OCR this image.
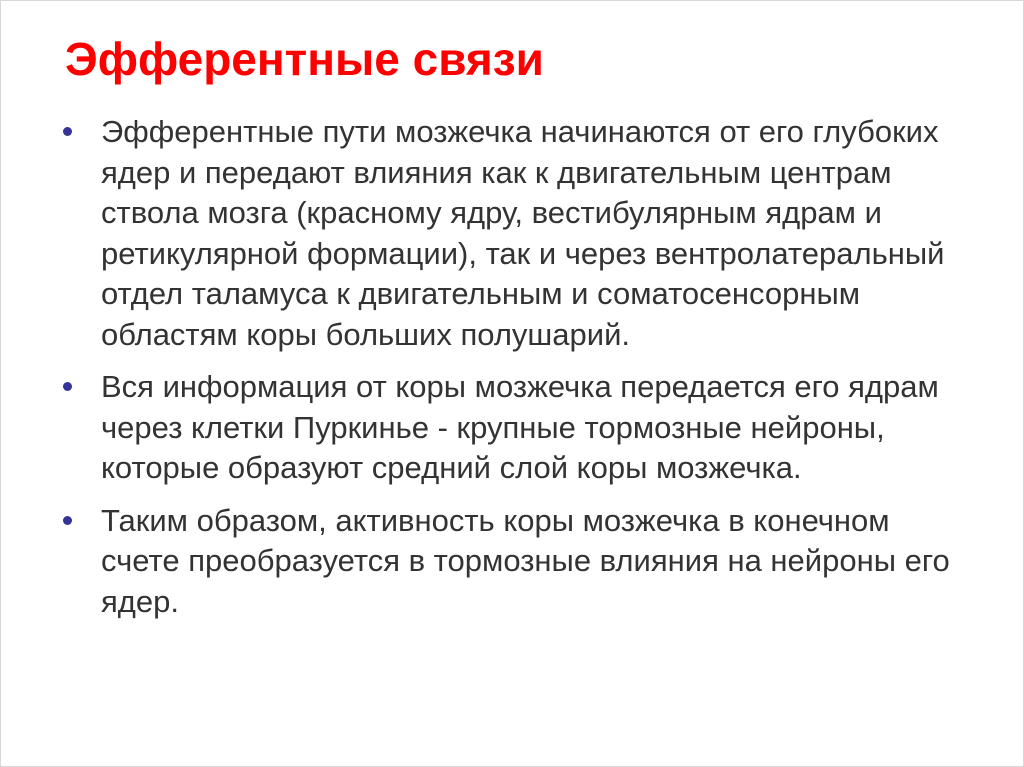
Эфферентные связи
Эфферентные пути мозжечка начинаются от его глубоких ядер и передают влияния как к двигательным центрам ствола мозга (красному ядру, вестибулярным ядрам и ретикулярной формации), так и через вентролатеральный отдел таламуса к двигательным и соматосенсорным областям коры больших полушарий.
Вся информация от коры мозжечка передается его ядрам через клетки Пуркинье - крупные тормозные нейроны, которые образуют средний слой коры мозжечка.
Таким образом, активность коры мозжечка в конечном счете преобразуется в тормозные влияния на нейроны его ядер.
